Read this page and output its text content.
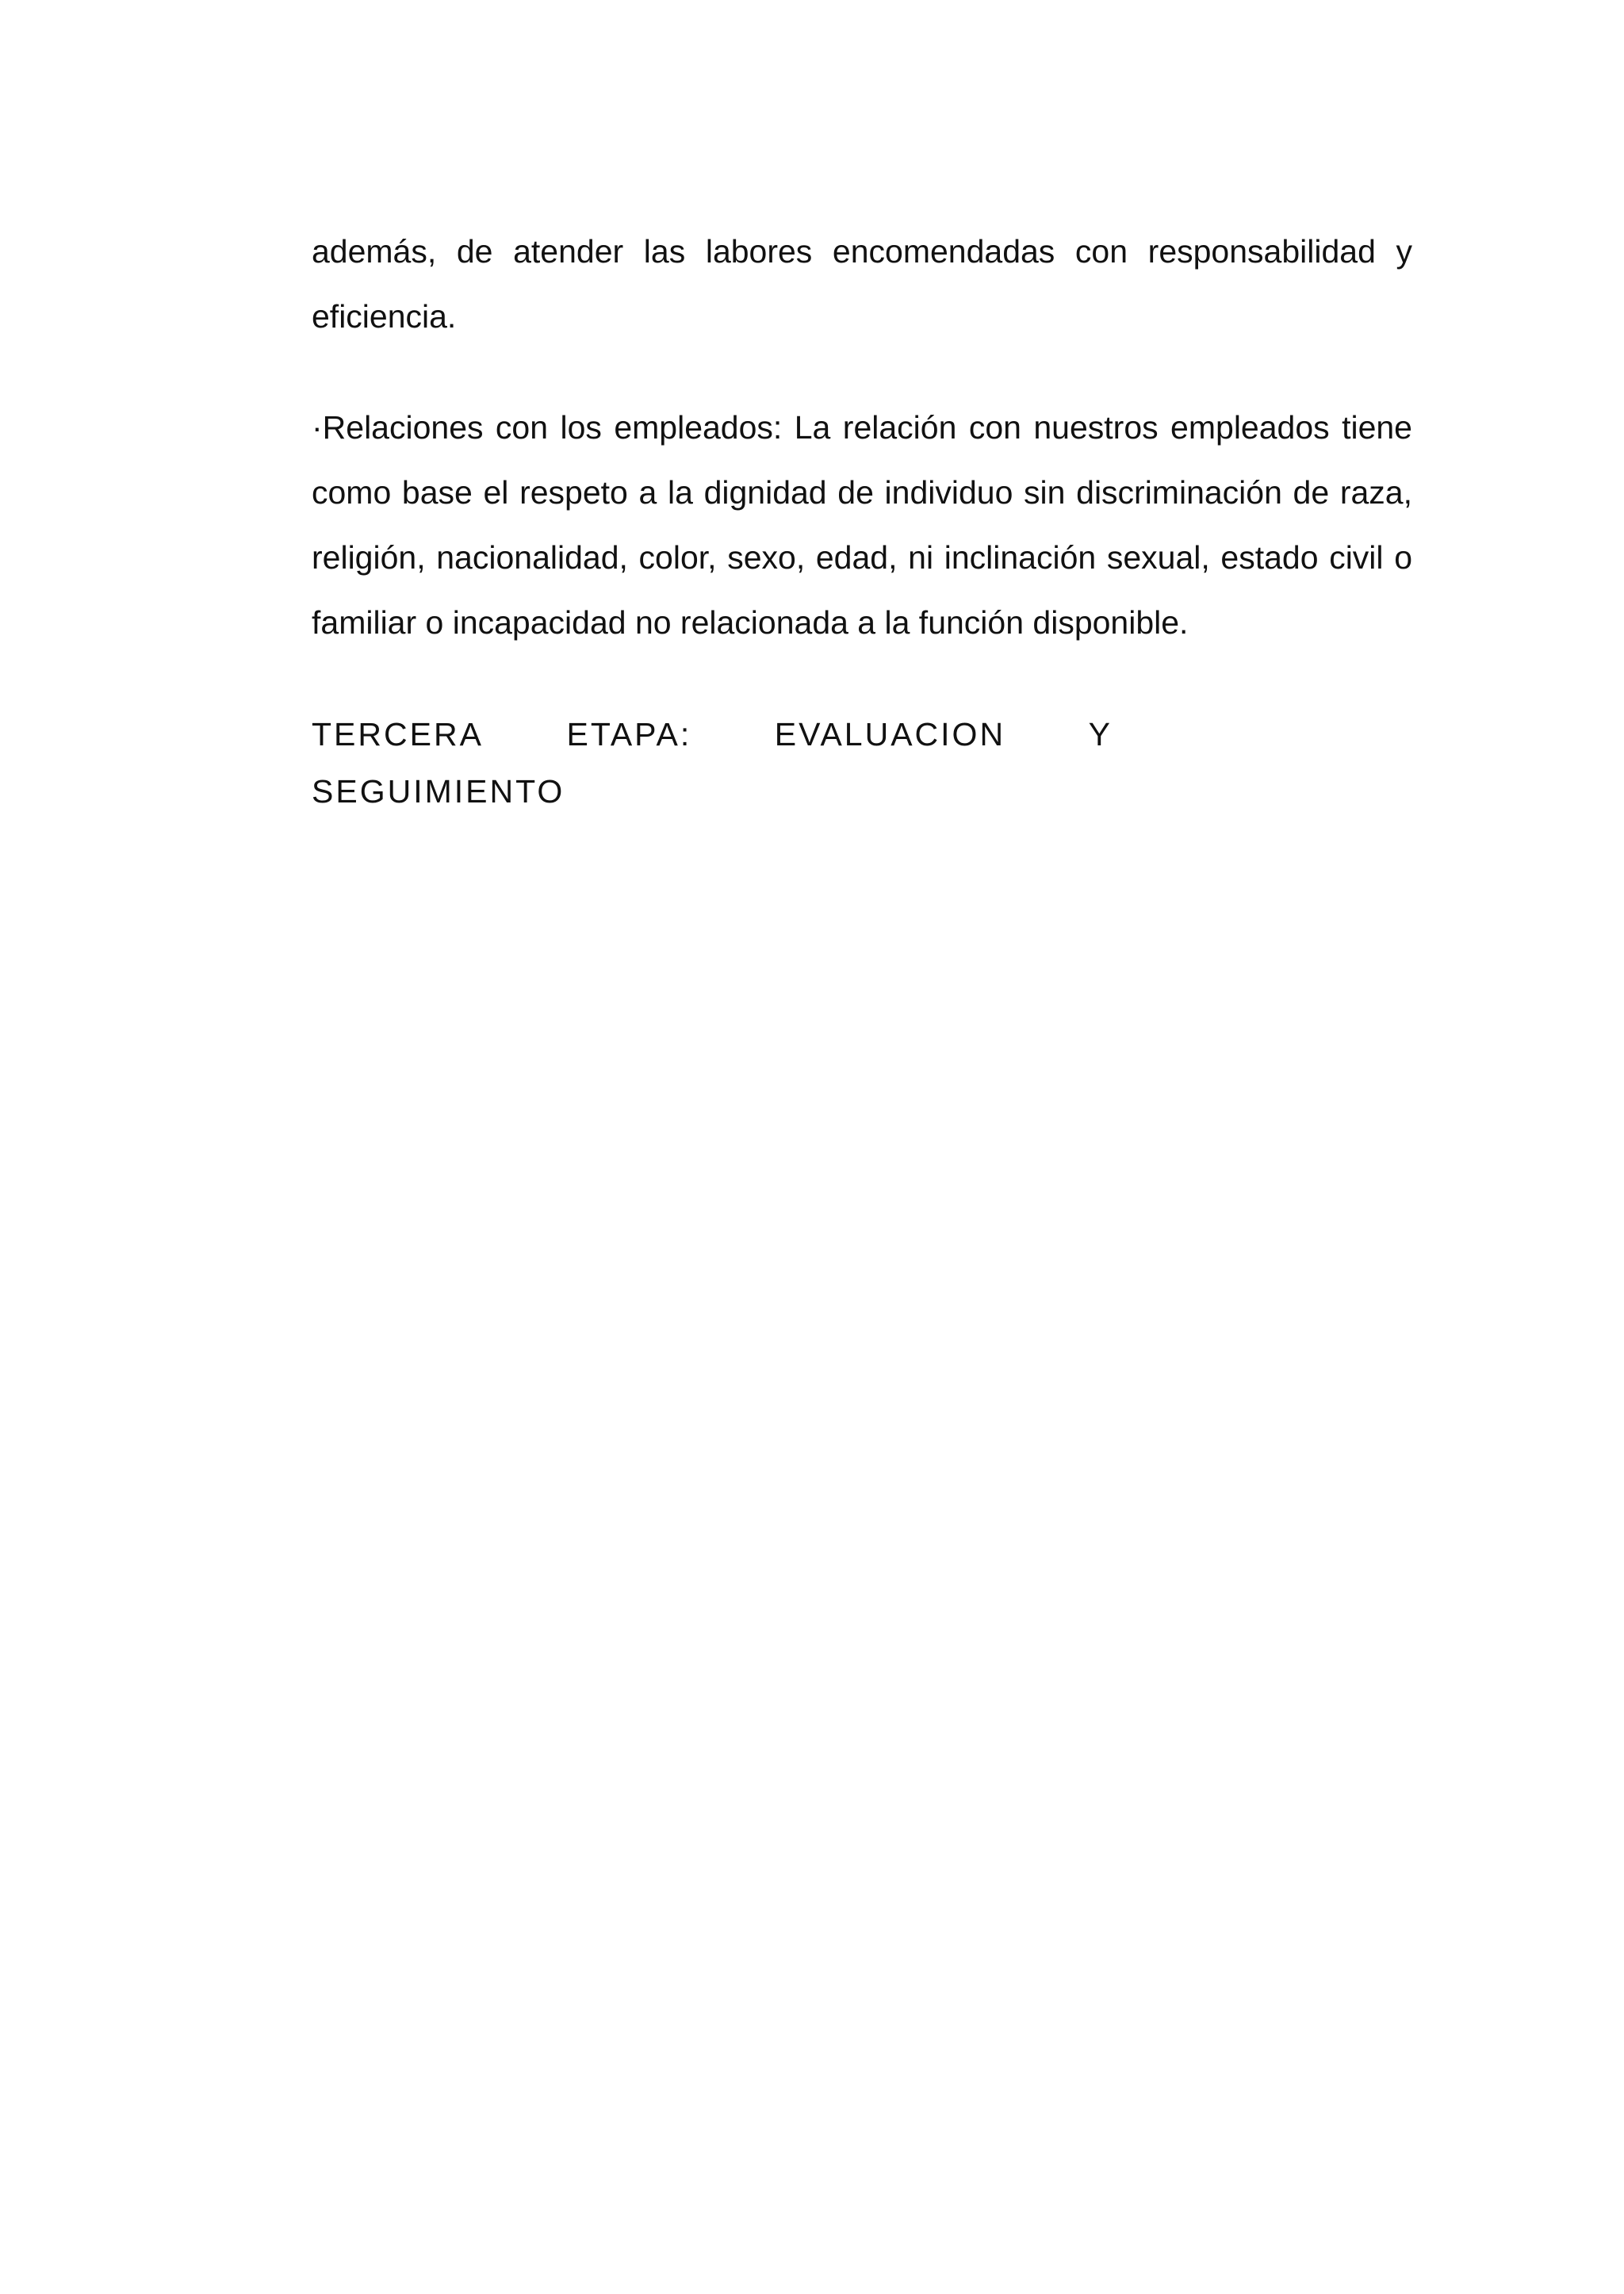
además, de atender las labores encomendadas con responsabilidad y eficiencia.

·Relaciones con los empleados: La relación con nuestros empleados tiene como base el respeto a la dignidad de individuo sin discriminación de raza, religión, nacionalidad, color, sexo, edad, ni inclinación sexual, estado civil o familiar o incapacidad no relacionada a la función disponible.

TERCERA	ETAPA:	EVALUACION	Y
SEGUIMIENTO
